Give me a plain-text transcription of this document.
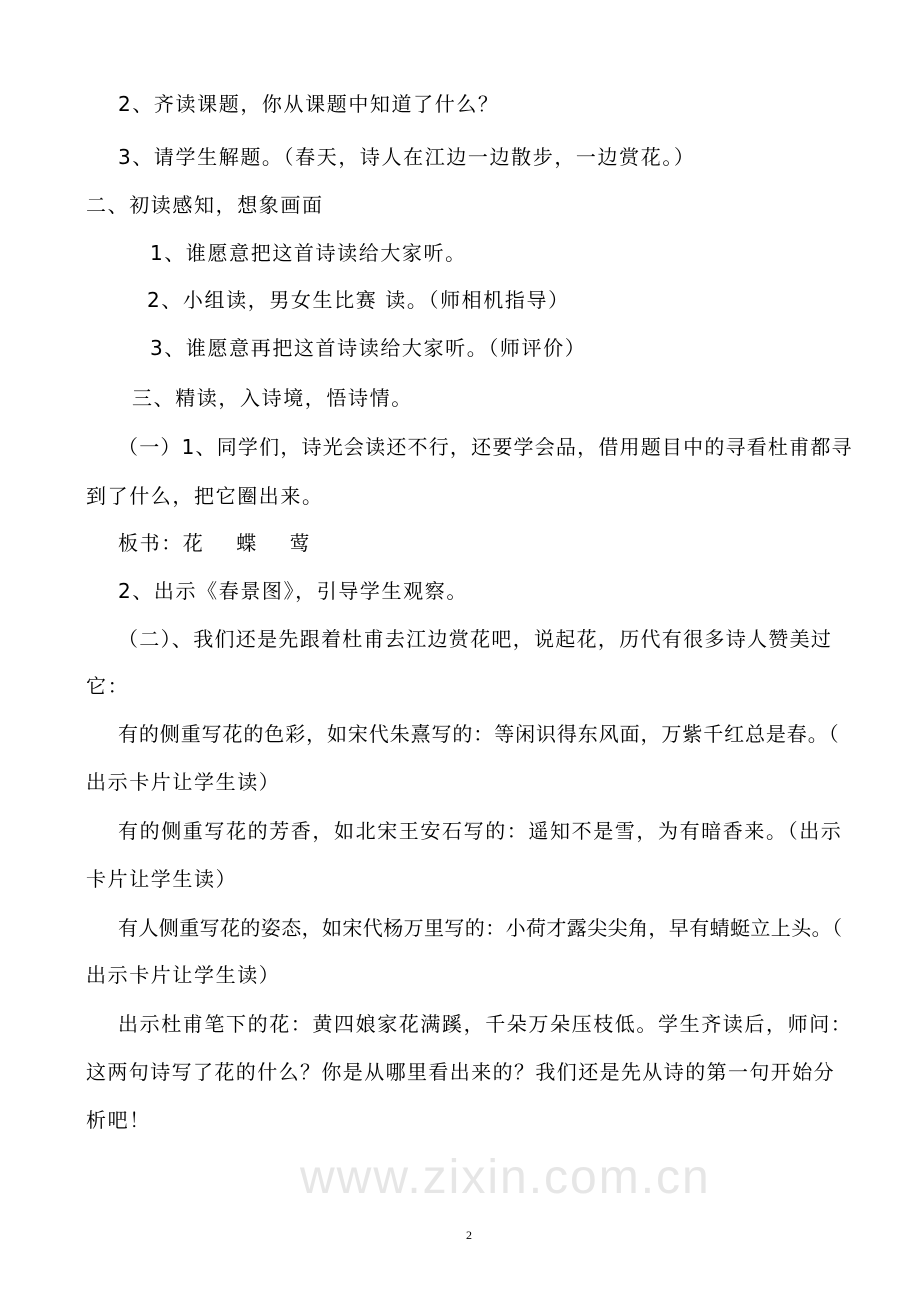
www.zixin.com.cn
2、齐读课题，你从课题中知道了什么？
3、请学生解题。（春天，诗人在江边一边散步，一边赏花。）
二、初读感知，想象画面
1、谁愿意把这首诗读给大家听。
2、小组读，男女生比赛 读。（师相机指导）
3、谁愿意再把这首诗读给大家听。（师评价）
三、精读，入诗境，悟诗情。
（一）1、同学们，诗光会读还不行，还要学会品，借用题目中的寻看杜甫都寻
到了什么，把它圈出来。
板书：花    蝶    莺
2、出示《春景图》，引导学生观察。
（二）、我们还是先跟着杜甫去江边赏花吧，说起花，历代有很多诗人赞美过
它：
有的侧重写花的色彩，如宋代朱熹写的：等闲识得东风面，万紫千红总是春。（
出示卡片让学生读）
有的侧重写花的芳香，如北宋王安石写的：遥知不是雪，为有暗香来。（出示
卡片让学生读）
有人侧重写花的姿态，如宋代杨万里写的：小荷才露尖尖角，早有蜻蜓立上头。（
出示卡片让学生读）
出示杜甫笔下的花：黄四娘家花满蹊，千朵万朵压枝低。学生齐读后，师问：
这两句诗写了花的什么？你是从哪里看出来的？我们还是先从诗的第一句开始分
析吧！
2
